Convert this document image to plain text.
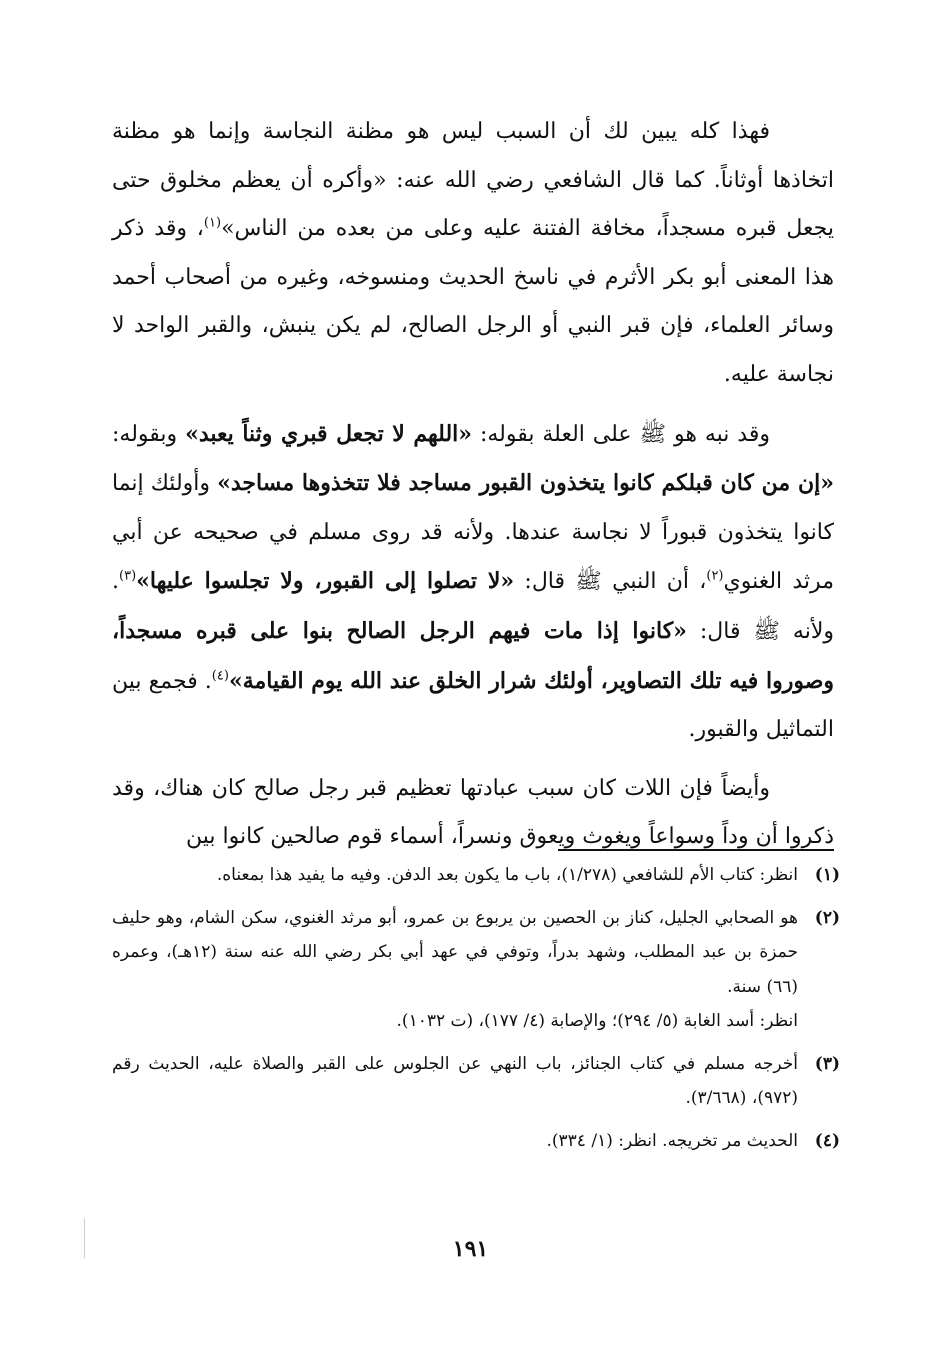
فهذا كله يبين لك أن السبب ليس هو مظنة النجاسة وإنما هو مظنة اتخاذها أوثاناً. كما قال الشافعي رضي الله عنه: «وأكره أن يعظم مخلوق حتى يجعل قبره مسجداً، مخافة الفتنة عليه وعلى من بعده من الناس»$^{(١)}$، وقد ذكر هذا المعنى أبو بكر الأثرم في ناسخ الحديث ومنسوخه، وغيره من أصحاب أحمد وسائر العلماء، فإن قبر النبي أو الرجل الصالح، لم يكن ينبش، والقبر الواحد لا نجاسة عليه.

وقد نبه هو ﷺ على العلة بقوله: «اللهم لا تجعل قبري وثناً يعبد» وبقوله: «إن من كان قبلكم كانوا يتخذون القبور مساجد فلا تتخذوها مساجد» وأولئك إنما كانوا يتخذون قبوراً لا نجاسة عندها. ولأنه قد روى مسلم في صحيحه عن أبي مرثد الغنوي$^{(٢)}$، أن النبي ﷺ قال: «لا تصلوا إلى القبور، ولا تجلسوا عليها»$^{(٣)}$. ولأنه ﷺ قال: «كانوا إذا مات فيهم الرجل الصالح بنوا على قبره مسجداً، وصوروا فيه تلك التصاوير، أولئك شرار الخلق عند الله يوم القيامة»$^{(٤)}$. فجمع بين التماثيل والقبور.

وأيضاً فإن اللات كان سبب عبادتها تعظيم قبر رجل صالح كان هناك، وقد ذكروا أن وداً وسواعاً ويغوث ويعوق ونسراً، أسماء قوم صالحين كانوا بين

(١)
انظر: كتاب الأم للشافعي (١/٢٧٨)، باب ما يكون بعد الدفن. وفيه ما يفيد هذا بمعناه.
(٢)
هو الصحابي الجليل، كناز بن الحصين بن يربوع بن عمرو، أبو مرثد الغنوي، سكن الشام، وهو حليف حمزة بن عبد المطلب، وشهد بدراً، وتوفي في عهد أبي بكر رضي الله عنه سنة (١٢هـ)، وعمره (٦٦) سنة.
انظر: أسد الغابة (٥/ ٢٩٤)؛ والإصابة (٤/ ١٧٧)، (ت ١٠٣٢).
(٣)
أخرجه مسلم في كتاب الجنائز، باب النهي عن الجلوس على القبر والصلاة عليه، الحديث رقم (٩٧٢)، (٣/٦٦٨).
(٤)
الحديث مر تخريجه. انظر: (١/ ٣٣٤).
١٩١
